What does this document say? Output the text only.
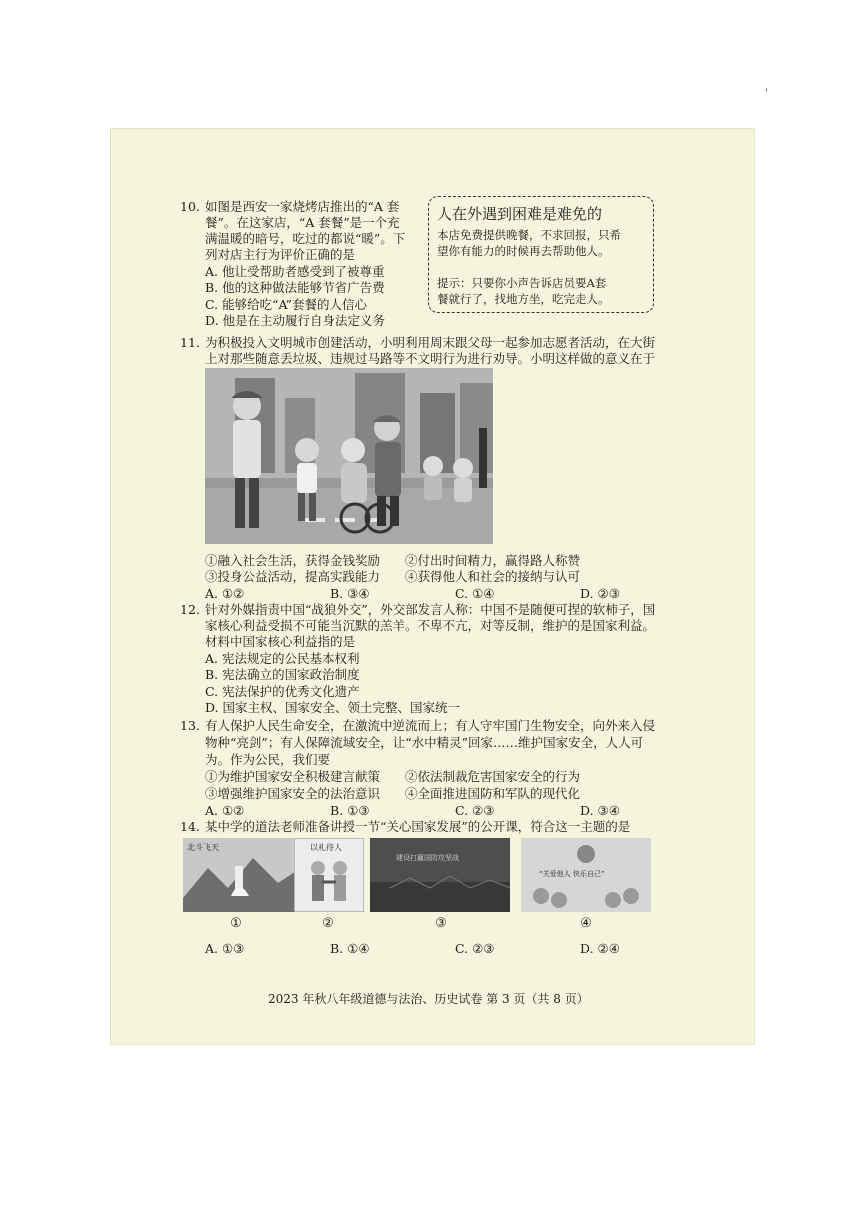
'
10. 如图是西安一家烧烤店推出的“A 套
餐”。在这家店，“A 套餐”是一个充
满温暖的暗号，吃过的都说“暖”。下
列对店主行为评价正确的是
A. 他让受帮助者感受到了被尊重
B. 他的这种做法能够节省广告费
C. 能够给吃“A”套餐的人信心
D. 他是在主动履行自身法定义务
人在外遇到困难是难免的
本店免费提供晚餐，不求回报，只希
望你有能力的时候再去帮助他人。
提示：只要你小声告诉店员要A套
餐就行了，找地方坐，吃完走人。
11. 为积极投入文明城市创建活动，小明利用周末跟父母一起参加志愿者活动，在大街
上对那些随意丢垃圾、违规过马路等不文明行为进行劝导。小明这样做的意义在于
①融入社会生活，获得金钱奖励 ②付出时间精力，赢得路人称赞
③投身公益活动，提高实践能力 ④获得他人和社会的接纳与认可
A. ①②	B. ③④	C. ①④	D. ②③
12. 针对外媒指责中国“战狼外交”，外交部发言人称：中国不是随便可捏的软柿子，国
家核心利益受损不可能当沉默的羔羊。不卑不亢，对等反制，维护的是国家利益。
材料中国家核心利益指的是
A. 宪法规定的公民基本权利
B. 宪法确立的国家政治制度
C. 宪法保护的优秀文化遗产
D. 国家主权、国家安全、领土完整、国家统一
13. 有人保护人民生命安全，在激流中逆流而上；有人守牢国门生物安全，向外来入侵
物种“亮剑”；有人保障流域安全，让“水中精灵”回家……维护国家安全，人人可
为。作为公民，我们要
①为维护国家安全积极建言献策 ②依法制裁危害国家安全的行为
③增强维护国家安全的法治意识 ④全面推进国防和军队的现代化
A. ①②	B. ①③	C. ②③	D. ③④
14. 某中学的道法老师准备讲授一节“关心国家发展”的公开课，符合这一主题的是
北斗飞天	以礼待人
建设打赢国防攻坚战
“关爱他人 快乐自己”
①	②	③	④
A. ①③	B. ①④	C. ②③	D. ②④
2023 年秋八年级道德与法治、历史试卷 第 3 页（共 8 页）
